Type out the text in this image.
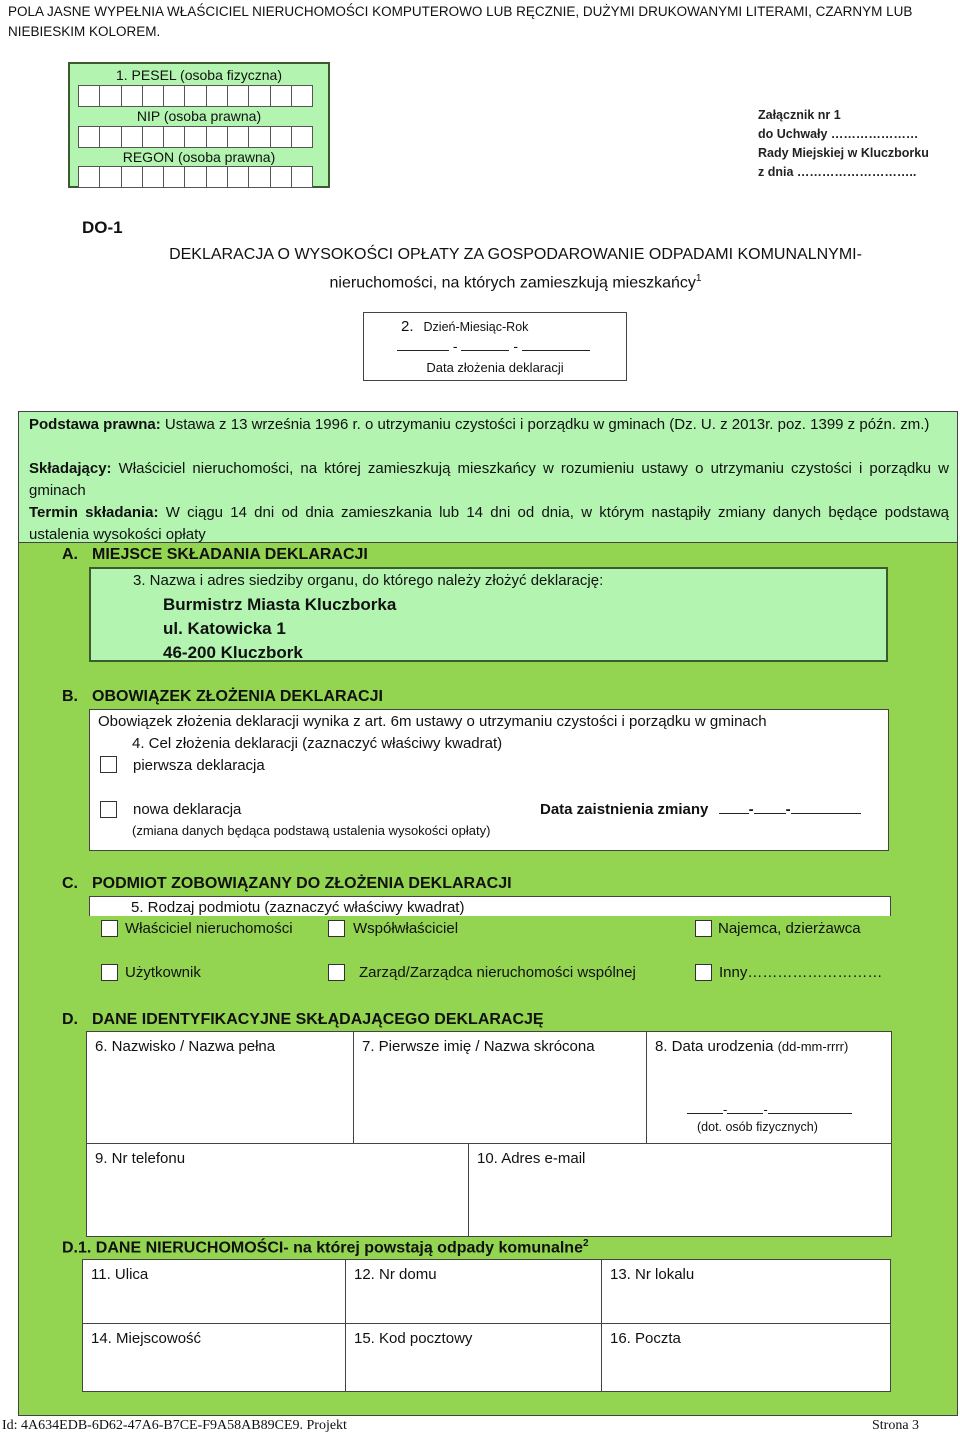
POLA JASNE WYPEŁNIA WŁAŚCICIEL NIERUCHOMOŚCI KOMPUTEROWO LUB RĘCZNIE, DUŻYMI DRUKOWANYMI LITERAMI, CZARNYM LUB NIEBIESKIM KOLOREM.
1. PESEL (osoba fizyczna)
NIP (osoba prawna)
REGON (osoba prawna)
Załącznik nr 1
do Uchwały …………………
Rady Miejskiej w Kluczborku
z dnia ………………………..
DO-1
DEKLARACJA O WYSOKOŚCI OPŁATY ZA GOSPODAROWANIE ODPADAMI KOMUNALNYMI-
nieruchomości, na których zamieszkują mieszkańcy$^1$
2. Dzień-Miesiąc-Rok
-	-
Data złożenia deklaracji

Podstawa prawna: Ustawa z 13 września 1996 r. o utrzymaniu czystości i porządku w gminach (Dz. U. z 2013r. poz. 1399 z późn. zm.)

Składający: Właściciel nieruchomości, na której zamieszkują mieszkańcy w rozumieniu ustawy o utrzymaniu czystości i porządku w gminach

Termin składania: W ciągu 14 dni od dnia zamieszkania lub 14 dni od dnia, w którym nastąpiły zmiany danych będące podstawą ustalenia wysokości opłaty

A. MIEJSCE SKŁADANIA DEKLARACJI
3. Nazwa i adres siedziby organu, do którego należy złożyć deklarację:
Burmistrz Miasta Kluczborka
ul. Katowicka 1
46-200 Kluczbork
B. OBOWIĄZEK ZŁOŻENIA DEKLARACJI
Obowiązek złożenia deklaracji wynika z art. 6m ustawy o utrzymaniu czystości i porządku w gminach
4. Cel złożenia deklaracji (zaznaczyć właściwy kwadrat)
pierwsza deklaracja
nowa deklaracja	Data zaistnienia zmiany	- -
(zmiana danych będąca podstawą ustalenia wysokości opłaty)
C. PODMIOT ZOBOWIĄZANY DO ZŁOŻENIA DEKLARACJI
5. Rodzaj podmiotu (zaznaczyć właściwy kwadrat)
Właściciel nieruchomości	Współwłaściciel	Najemca, dzierżawca
Użytkownik	Zarząd/Zarządca nieruchomości wspólnej	Inny………………………
D. DANE IDENTYFIKACYJNE SKŁĄDAJĄCEGO DEKLARACJĘ
6. Nazwisko / Nazwa pełna	7. Pierwsze imię / Nazwa skrócona	8. Data urodzenia (dd-mm-rrrr)
-	-
(dot. osób fizycznych)
9. Nr telefonu	10. Adres e-mail
D.1. DANE NIERUCHOMOŚCI- na której powstają odpady komunalne$^2$
11. Ulica	12. Nr domu	13. Nr lokalu
14. Miejscowość	15. Kod pocztowy	16. Poczta
Id: 4A634EDB-6D62-47A6-B7CE-F9A58AB89CE9. Projekt	Strona 3
